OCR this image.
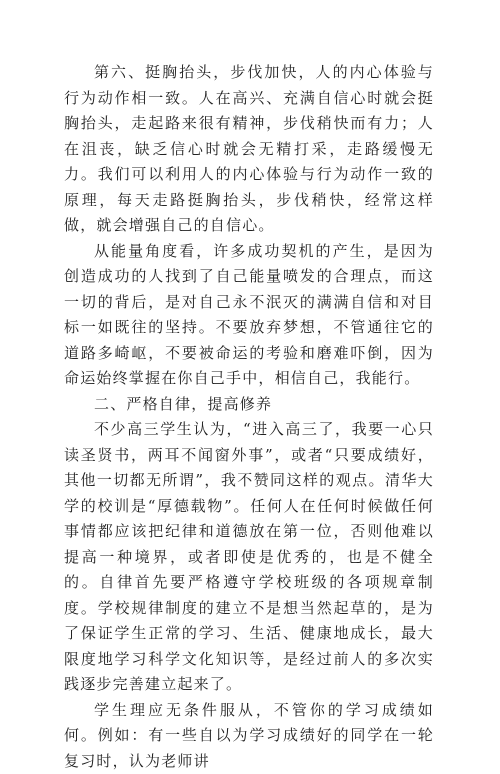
第六、挺胸抬头，步伐加快，人的内心体验与行为动作相一致。人在高兴、充满自信心时就会挺胸抬头，走起路来很有精神，步伐稍快而有力；人在沮丧，缺乏信心时就会无精打采，走路缓慢无力。我们可以利用人的内心体验与行为动作一致的原理，每天走路挺胸抬头，步伐稍快，经常这样做，就会增强自己的自信心。

从能量角度看，许多成功契机的产生，是因为创造成功的人找到了自己能量喷发的合理点，而这一切的背后，是对自己永不泯灭的满满自信和对目标一如既往的坚持。不要放弃梦想，不管通往它的道路多崎岖，不要被命运的考验和磨难吓倒，因为命运始终掌握在你自己手中，相信自己，我能行。

二、严格自律，提高修养

不少高三学生认为，“进入高三了，我要一心只读圣贤书，两耳不闻窗外事”，或者“只要成绩好，其他一切都无所谓”，我不赞同这样的观点。清华大学的校训是“厚德载物”。任何人在任何时候做任何事情都应该把纪律和道德放在第一位，否则他难以提高一种境界，或者即使是优秀的，也是不健全的。自律首先要严格遵守学校班级的各项规章制度。学校规律制度的建立不是想当然起草的，是为了保证学生正常的学习、生活、健康地成长，最大限度地学习科学文化知识等，是经过前人的多次实践逐步完善建立起来了。

学生理应无条件服从，不管你的学习成绩如何。例如：有一些自以为学习成绩好的同学在一轮复习时，认为老师讲
